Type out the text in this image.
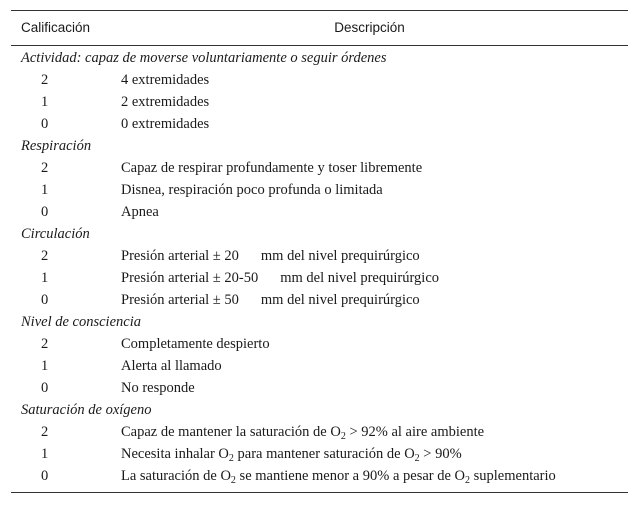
Calificación	Descripción
Actividad: capaz de moverse voluntariamente o seguir órdenes
2	4 extremidades
1	2 extremidades
0	0 extremidades
Respiración
2	Capaz de respirar profundamente y toser libremente
1	Disnea, respiración poco profunda o limitada
0	Apnea
Circulación
2	Presión arterial ± 20 mm del nivel prequirúrgico
1	Presión arterial ± 20-50 mm del nivel prequirúrgico
0	Presión arterial ± 50 mm del nivel prequirúrgico
Nivel de consciencia
2	Completamente despierto
1	Alerta al llamado
0	No responde
Saturación de oxígeno
2	Capaz de mantener la saturación de $O_2 > 92\%$ al aire ambiente
1	Necesita inhalar $O_2$ para mantener saturación de $O_2 > 90\%$
0	La saturación de $O_2$ se mantiene menor a 90% a pesar de $O_2$ suplementario
